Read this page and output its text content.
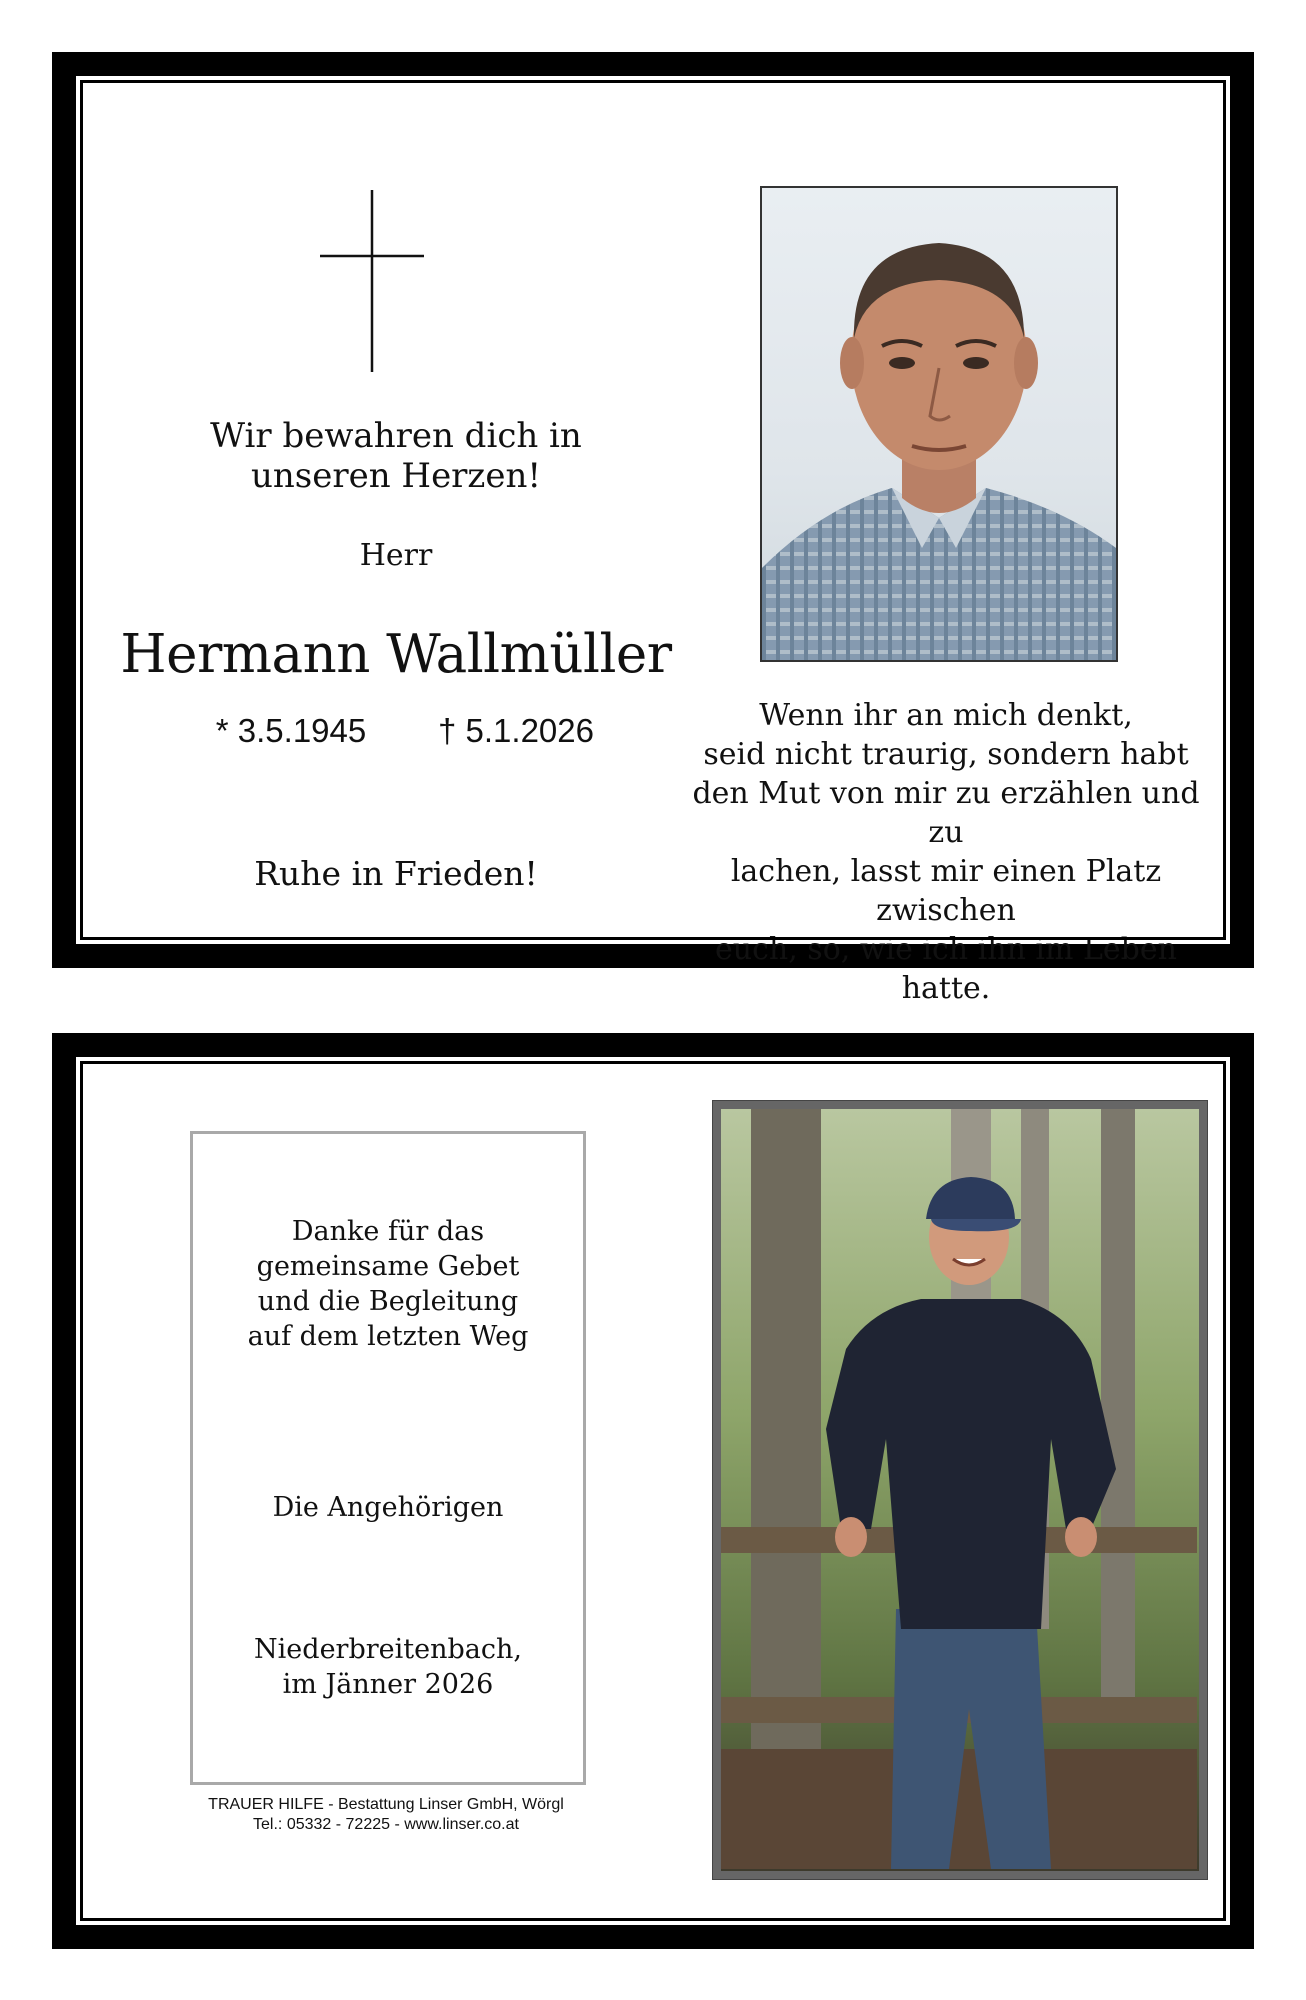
Wir bewahren dich in
unseren Herzen!
Herr
Hermann Wallmüller
* 3.5.1945	† 5.1.2026
Ruhe in Frieden!
Wenn ihr an mich denkt,
seid nicht traurig, sondern habt
den Mut von mir zu erzählen und zu
lachen, lasst mir einen Platz zwischen
euch, so, wie ich ihn im Leben hatte.
Danke für das
gemeinsame Gebet
und die Begleitung
auf dem letzten Weg
Die Angehörigen
Niederbreitenbach,
im Jänner 2026
TRAUER HILFE - Bestattung Linser GmbH, Wörgl
Tel.: 05332 - 72225 - www.linser.co.at
